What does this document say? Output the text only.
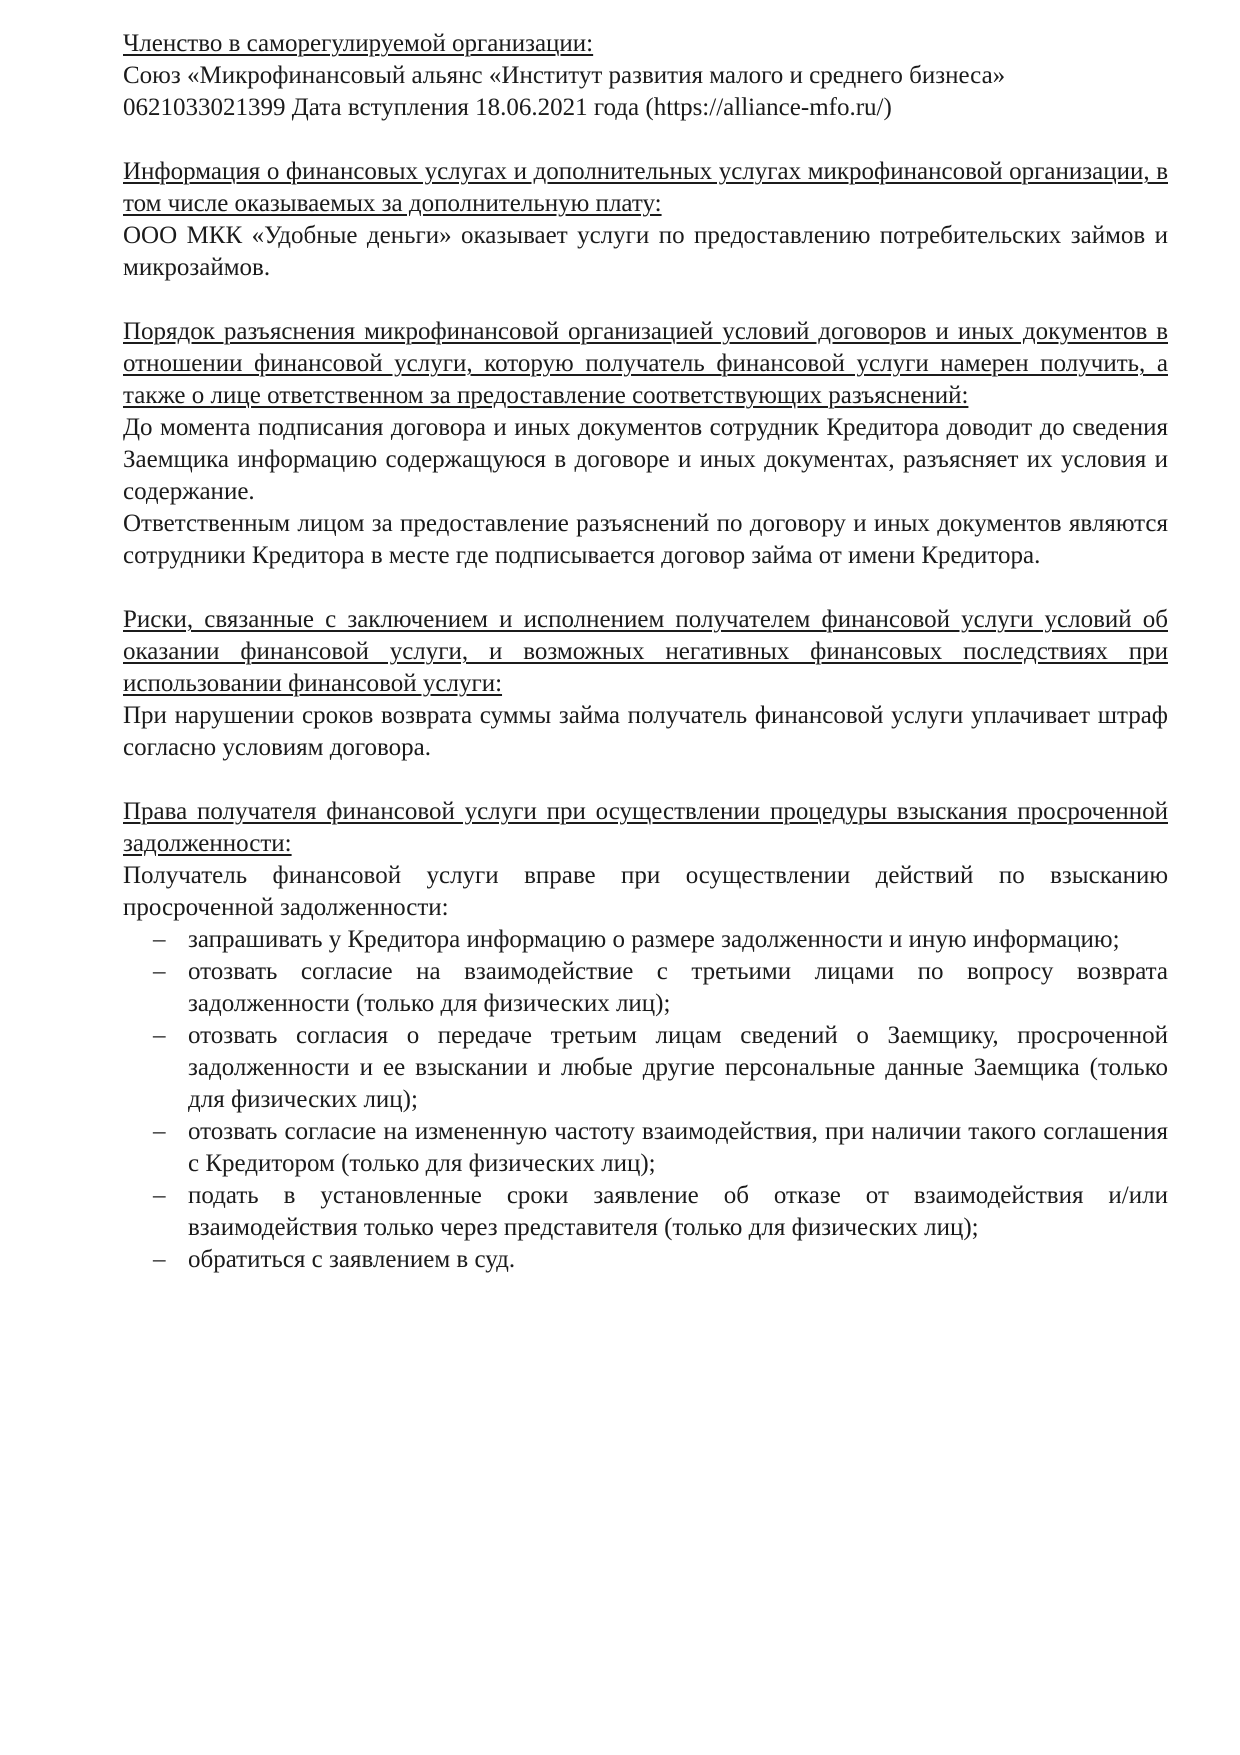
Членство в саморегулируемой организации:
Союз «Микрофинансовый альянс «Институт развития малого и среднего бизнеса»
0621033021399 Дата вступления 18.06.2021 года (https://alliance-mfo.ru/)
Информация о финансовых услугах и дополнительных услугах микрофинансовой организации, в том числе оказываемых за дополнительную плату:
ООО МКК «Удобные деньги» оказывает услуги по предоставлению потребительских займов и микрозаймов.
Порядок разъяснения микрофинансовой организацией условий договоров и иных документов в отношении финансовой услуги, которую получатель финансовой услуги намерен получить, а также о лице ответственном за предоставление соответствующих разъяснений:
До момента подписания договора и иных документов сотрудник Кредитора доводит до сведения Заемщика информацию содержащуюся в договоре и иных документах, разъясняет их условия и содержание.
Ответственным лицом за предоставление разъяснений по договору и иных документов являются сотрудники Кредитора в месте где подписывается договор займа от имени Кредитора.
Риски, связанные с заключением и исполнением получателем финансовой услуги условий об оказании финансовой услуги, и возможных негативных финансовых последствиях при использовании финансовой услуги:
При нарушении сроков возврата суммы займа получатель финансовой услуги уплачивает штраф согласно условиям договора.
Права получателя финансовой услуги при осуществлении процедуры взыскания просроченной задолженности:
Получатель финансовой услуги вправе при осуществлении действий по взысканию просроченной задолженности:
– запрашивать у Кредитора информацию о размере задолженности и иную информацию;
– отозвать согласие на взаимодействие с третьими лицами по вопросу возврата задолженности (только для физических лиц);
– отозвать согласия о передаче третьим лицам сведений о Заемщику, просроченной задолженности и ее взыскании и любые другие персональные данные Заемщика (только для физических лиц);
– отозвать согласие на измененную частоту взаимодействия, при наличии такого соглашения с Кредитором (только для физических лиц);
– подать в установленные сроки заявление об отказе от взаимодействия и/или взаимодействия только через представителя (только для физических лиц);
– обратиться с заявлением в суд.
